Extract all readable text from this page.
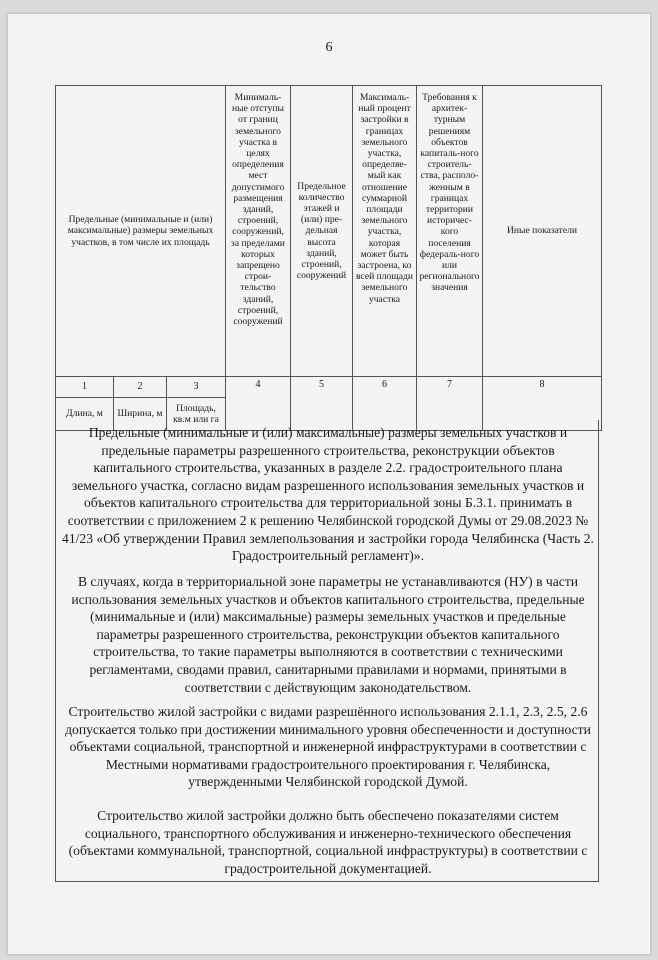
6
Предельные (минимальные и (или) максимальные) размеры земельных участков, в том числе их площадь			Минималь-ные отступы от границ земельного участка в целях определения мест допустимого размещения зданий, строений, сооружений, за пределами которых запрещено строи-тельство зданий, строений, сооружений	Предельное количество этажей и (или) пре-дельная высота зданий, строений, сооружений	Максималь-ный процент застройки в границах земельного участка, определяе-мый как отношение суммарной площади земельного участка, которая может быть застроена, ко всей площади земельного участка	Требования к архитек-турным решениям объектов капиталь-ного строитель-ства, располо-женным в границах территории историчес-кого поселения федераль-ного или регионального значения	Иные показатели
1	2	3	4	5	6	7	8
Длина, м	Ширина, м	Площадь, кв.м или га					
Предельные (минимальные и (или) максимальные) размеры земельных участков и предельные параметры разрешенного строительства, реконструкции объектов капитального строительства, указанных в разделе 2.2. градостроительного плана земельного участка, согласно видам разрешенного использования земельных участков и объектов капитального строительства для территориальной зоны Б.3.1. принимать в соответствии с приложением 2 к решению Челябинской городской Думы от 29.08.2023 № 41/23 «Об утверждении Правил землепользования и застройки города Челябинска (Часть 2. Градостроительный регламент)».
В случаях, когда в территориальной зоне параметры не устанавливаются (НУ) в части использования земельных участков и объектов капитального строительства, предельные (минимальные и (или) максимальные) размеры земельных участков и предельные параметры разрешенного строительства, реконструкции объектов капитального строительства, то такие параметры выполняются в соответствии с техническими регламентами, сводами правил, санитарными правилами и нормами, принятыми в соответствии с действующим законодательством.
Строительство жилой застройки с видами разрешённого использования 2.1.1, 2.3, 2.5, 2.6 допускается только при достижении минимального уровня обеспеченности и доступности объектами социальной, транспортной и инженерной инфраструктурами в соответствии с Местными нормативами градостроительного проектирования г. Челябинска, утвержденными Челябинской городской Думой.
Строительство жилой застройки должно быть обеспечено показателями систем социального, транспортного обслуживания и инженерно-технического обеспечения (объектами коммунальной, транспортной, социальной инфраструктуры) в соответствии с градостроительной документацией.
